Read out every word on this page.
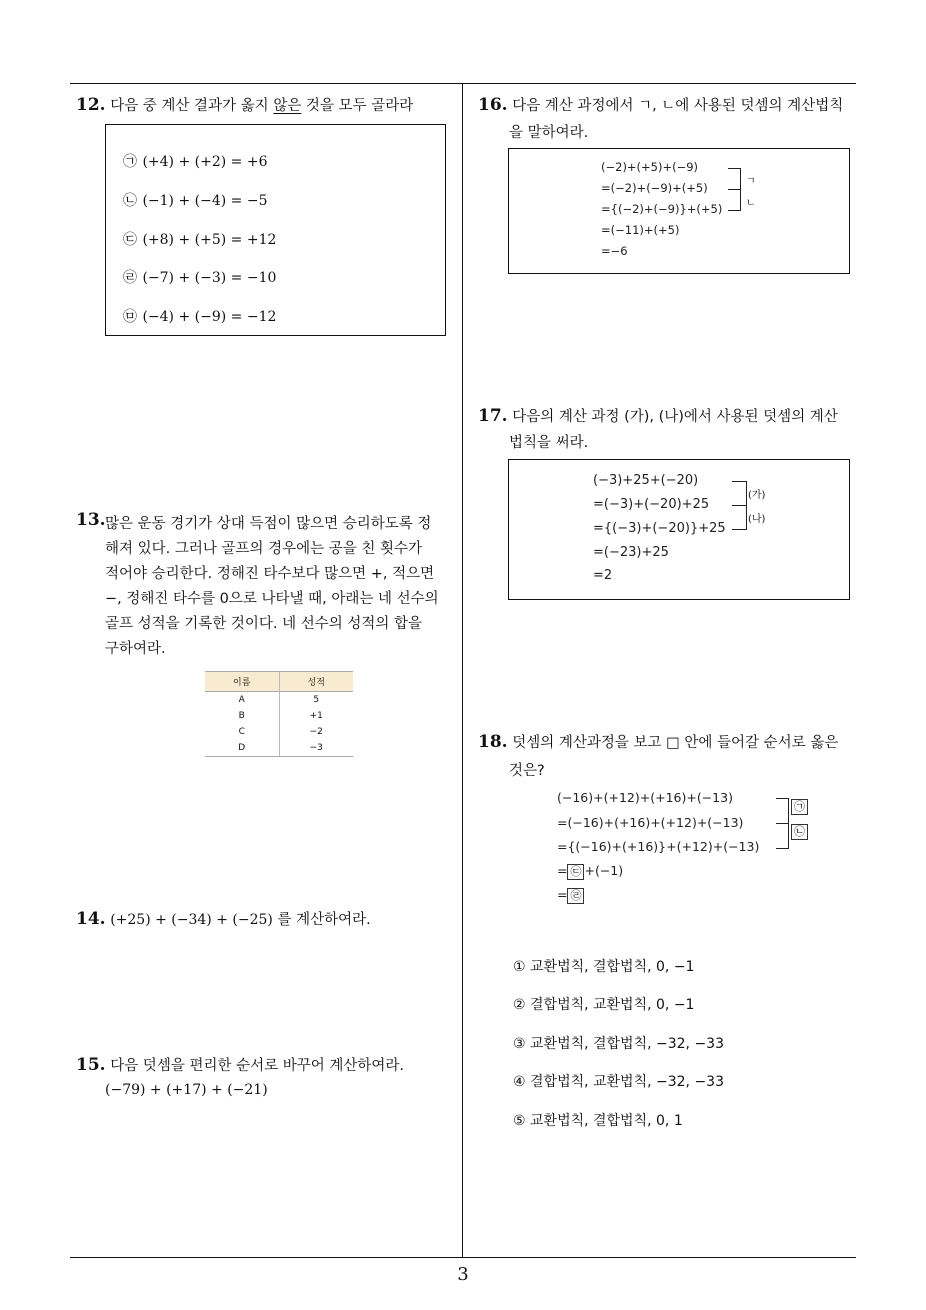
12. 다음 중 계산 결과가 옳지 않은 것을 모두 골라라
㉠ (+4) + (+2) = +6
㉡ (−1) + (−4) = −5
㉢ (+8) + (+5) = +12
㉣ (−7) + (−3) = −10
㉤ (−4) + (−9) = −12
13. 많은 운동 경기가 상대 득점이 많으면 승리하도록 정
해져 있다. 그러나 골프의 경우에는 공을 친 횟수가
적어야 승리한다. 정해진 타수보다 많으면 +, 적으면
−, 정해진 타수를 0으로 나타낼 때, 아래는 네 선수의
골프 성적을 기록한 것이다. 네 선수의 성적의 합을
구하여라.
이름	성적
A	5
B	+1
C	−2
D	−3
14. (+25) + (−34) + (−25) 를 계산하여라.
15. 다음 덧셈을 편리한 순서로 바꾸어 계산하여라.
(−79) + (+17) + (−21)
16. 다음 계산 과정에서 ㄱ, ㄴ에 사용된 덧셈의 계산법칙
을 말하여라.
(−2)+(+5)+(−9)
=(−2)+(−9)+(+5)
={(−2)+(−9)}+(+5)
=(−11)+(+5)
=−6
ㄱ
ㄴ
17. 다음의 계산 과정 (가), (나)에서 사용된 덧셈의 계산
법칙을 써라.
(−3)+25+(−20)
=(−3)+(−20)+25
={(−3)+(−20)}+25
=(−23)+25
=2
(가)
(나)
18. 덧셈의 계산과정을 보고 □ 안에 들어갈 순서로 옳은
것은?
(−16)+(+12)+(+16)+(−13)
=(−16)+(+16)+(+12)+(−13)
={(−16)+(+16)}+(+12)+(−13)
= ㉢ +(−1)
= ㉣
㉠
㉡
① 교환법칙, 결합법칙, 0, −1
② 결합법칙, 교환법칙, 0, −1
③ 교환법칙, 결합법칙, −32, −33
④ 결합법칙, 교환법칙, −32, −33
⑤ 교환법칙, 결합법칙, 0, 1
3
